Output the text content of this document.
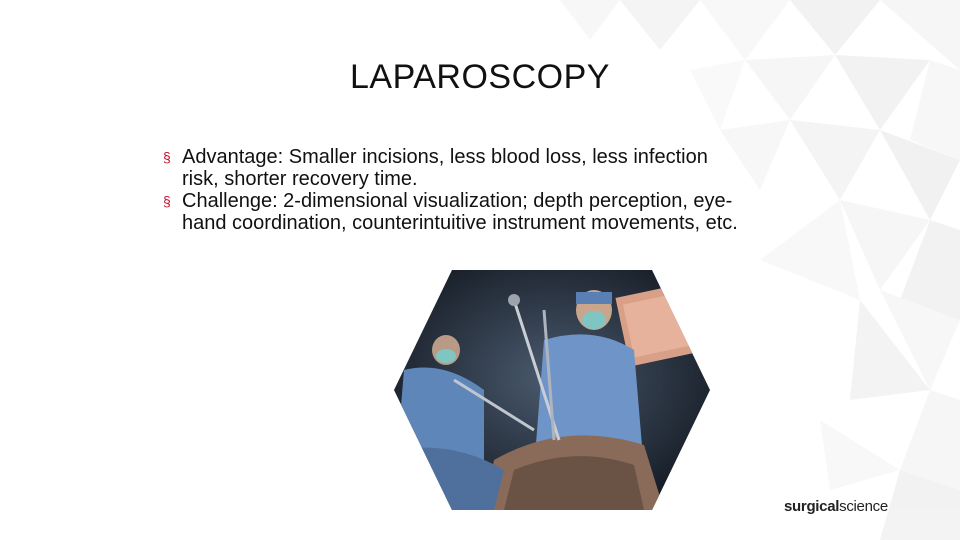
LAPAROSCOPY
§ Advantage: Smaller incisions, less blood loss, less infection risk, shorter recovery time.
§ Challenge: 2-dimensional visualization; depth perception, eye-hand coordination, counterintuitive instrument movements, etc.
surgicalscience
